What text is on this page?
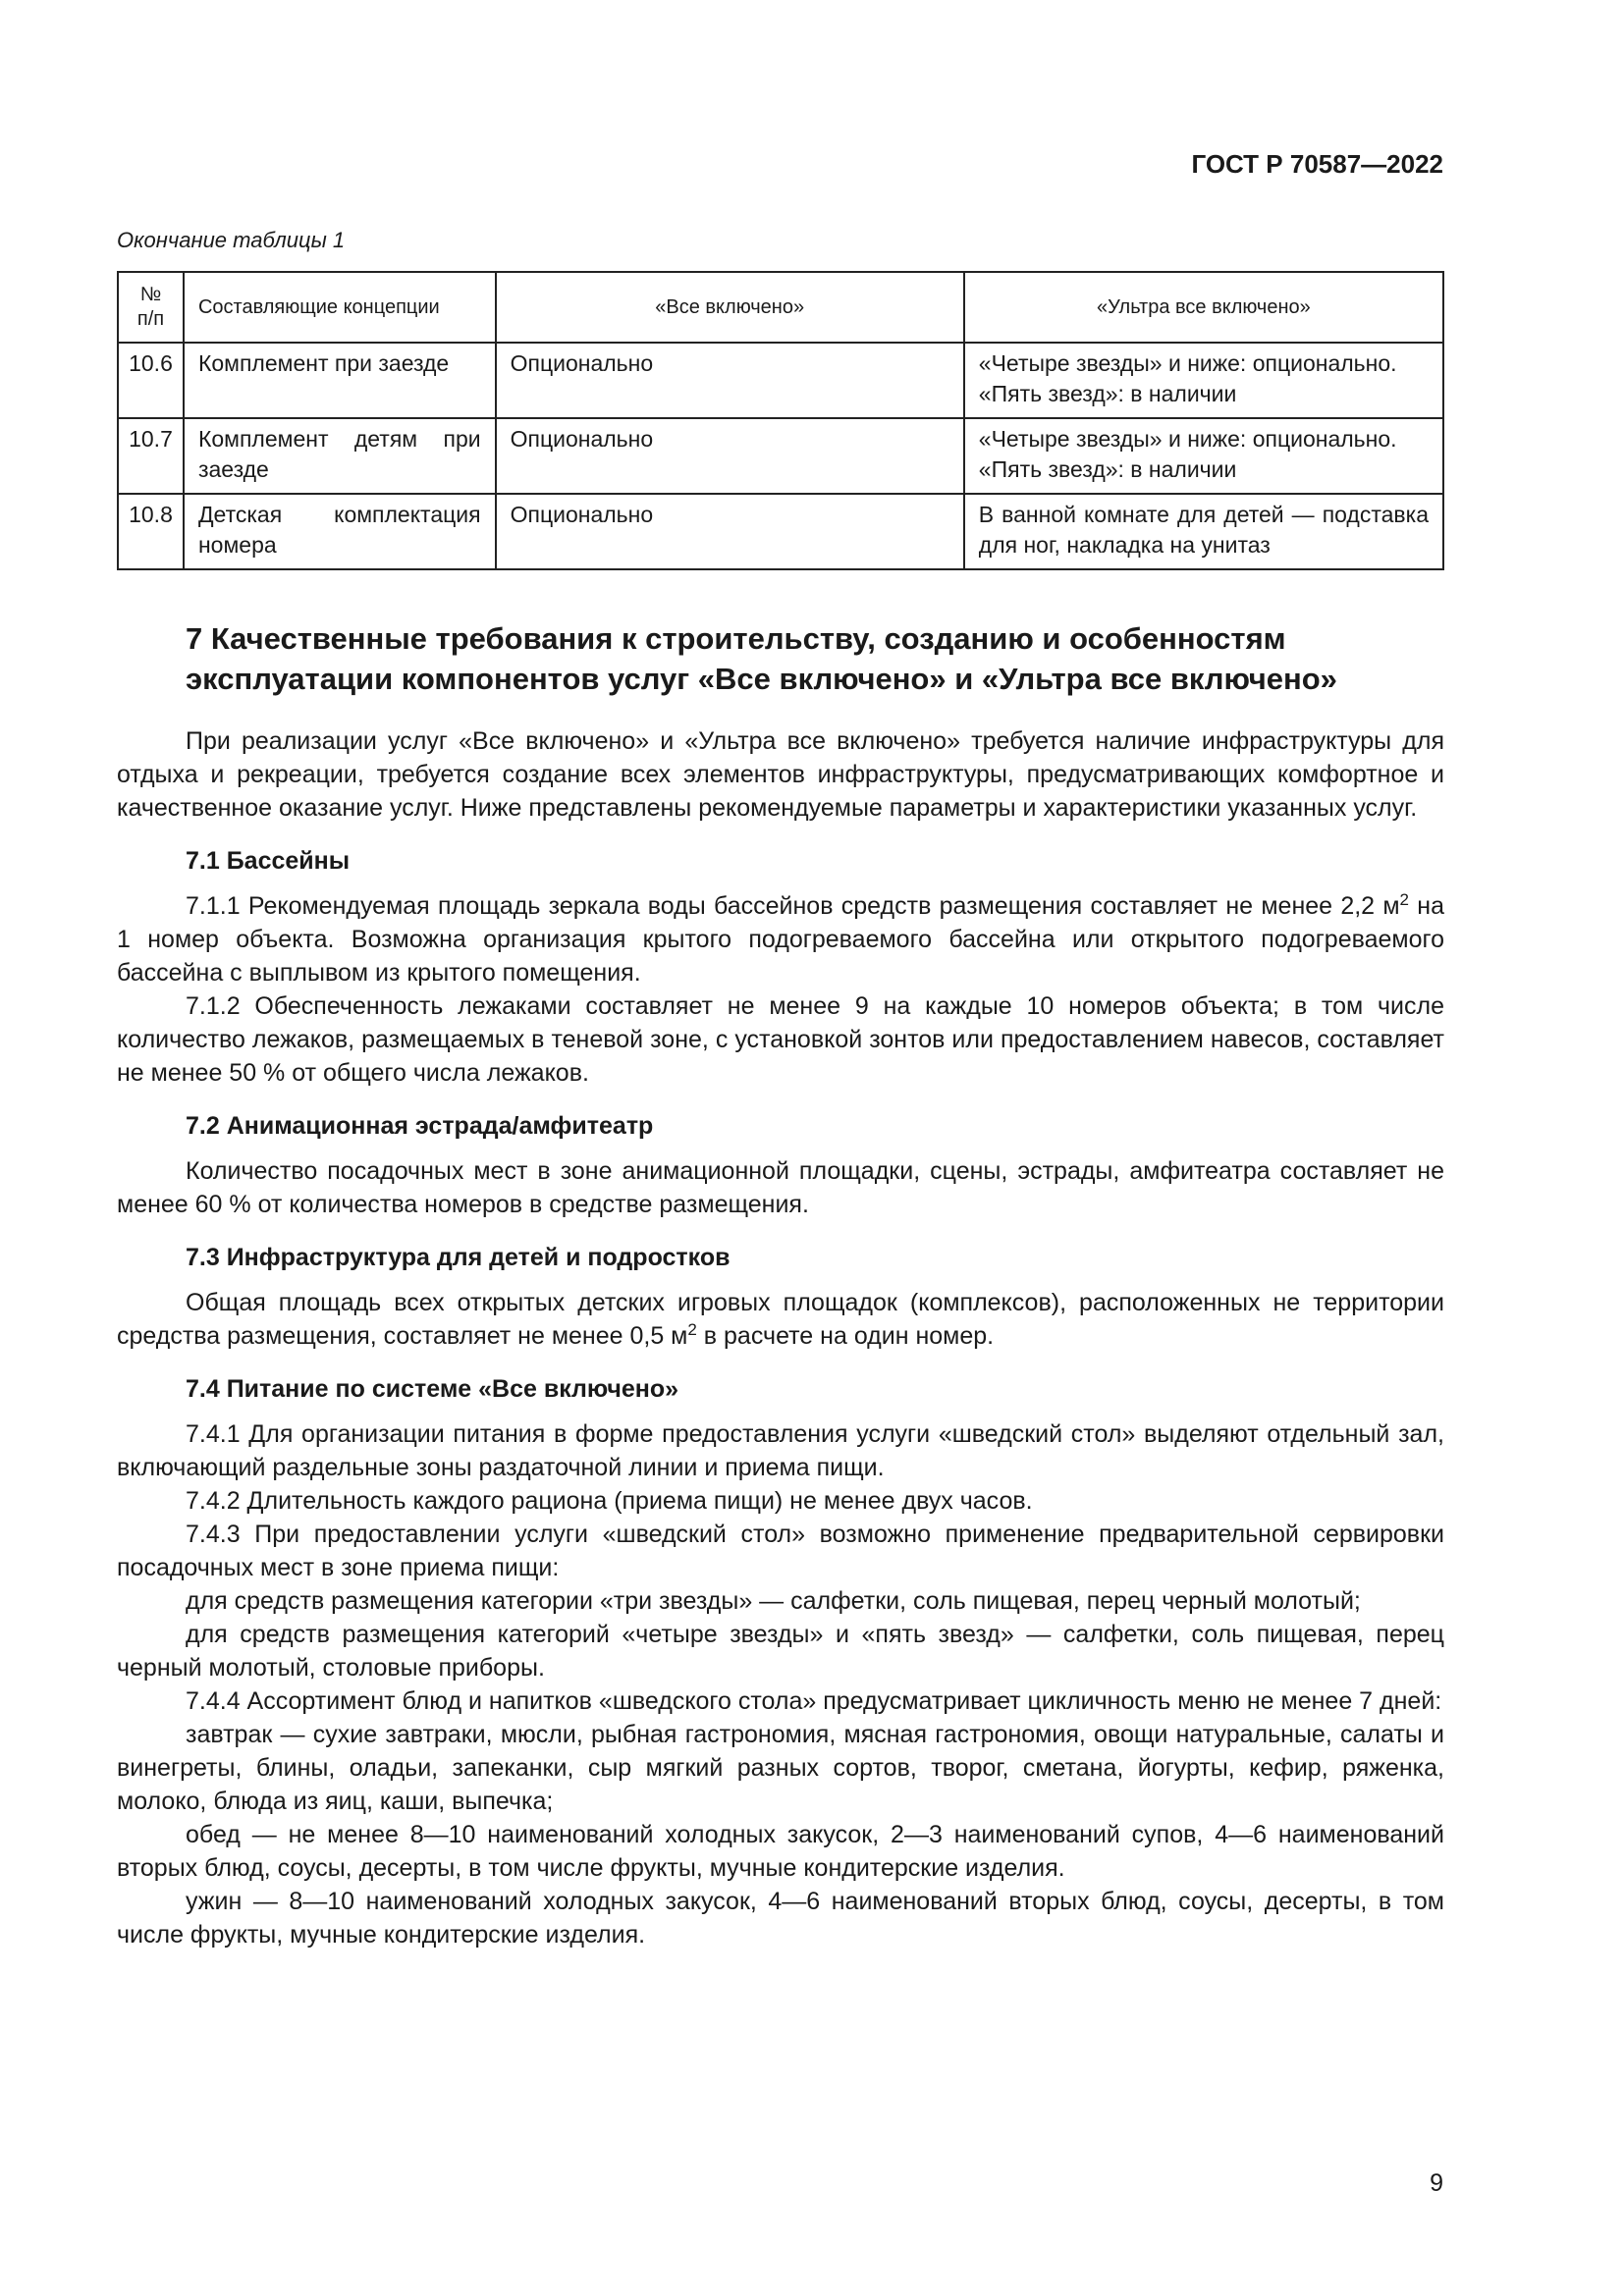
ГОСТ Р 70587—2022
Окончание таблицы 1
№
п/п	Составляющие концепции	«Все включено»	«Ультра все включено»
10.6	Комплемент при заезде	Опционально	«Четыре звезды» и ниже: опционально.
«Пять звезд»: в наличии

10.7	Комплемент детям при заезде	Опционально	«Четыре звезды» и ниже: опционально.
«Пять звезд»: в наличии

10.8	Детская комплектация номера	Опционально	В ванной комнате для детей — подставка для ног, накладка на унитаз
7 Качественные требования к строительству, созданию и особенностям эксплуатации компонентов услуг «Все включено» и «Ультра все включено»

При реализации услуг «Все включено» и «Ультра все включено» требуется наличие инфраструктуры для отдыха и рекреации, требуется создание всех элементов инфраструктуры, предусматривающих комфортное и качественное оказание услуг. Ниже представлены рекомендуемые параметры и характеристики указанных услуг.

7.1 Бассейны

7.1.1 Рекомендуемая площадь зеркала воды бассейнов средств размещения составляет не менее 2,2 $м^2$ на 1 номер объекта. Возможна организация крытого подогреваемого бассейна или открытого подогреваемого бассейна с выплывом из крытого помещения.

7.1.2 Обеспеченность лежаками составляет не менее 9 на каждые 10 номеров объекта; в том числе количество лежаков, размещаемых в теневой зоне, с установкой зонтов или предоставлением навесов, составляет не менее 50 % от общего числа лежаков.

7.2 Анимационная эстрада/амфитеатр

Количество посадочных мест в зоне анимационной площадки, сцены, эстрады, амфитеатра составляет не менее 60 % от количества номеров в средстве размещения.

7.3 Инфраструктура для детей и подростков

Общая площадь всех открытых детских игровых площадок (комплексов), расположенных не территории средства размещения, составляет не менее 0,5 $м^2$ в расчете на один номер.

7.4 Питание по системе «Все включено»

7.4.1 Для организации питания в форме предоставления услуги «шведский стол» выделяют отдельный зал, включающий раздельные зоны раздаточной линии и приема пищи.

7.4.2 Длительность каждого рациона (приема пищи) не менее двух часов.

7.4.3 При предоставлении услуги «шведский стол» возможно применение предварительной сервировки посадочных мест в зоне приема пищи:

для средств размещения категории «три звезды» — салфетки, соль пищевая, перец черный молотый;

для средств размещения категорий «четыре звезды» и «пять звезд» — салфетки, соль пищевая, перец черный молотый, столовые приборы.

7.4.4 Ассортимент блюд и напитков «шведского стола» предусматривает цикличность меню не менее 7 дней:

завтрак — сухие завтраки, мюсли, рыбная гастрономия, мясная гастрономия, овощи натуральные, салаты и винегреты, блины, оладьи, запеканки, сыр мягкий разных сортов, творог, сметана, йогурты, кефир, ряженка, молоко, блюда из яиц, каши, выпечка;

обед — не менее 8—10 наименований холодных закусок, 2—3 наименований супов, 4—6 наименований вторых блюд, соусы, десерты, в том числе фрукты, мучные кондитерские изделия.

ужин — 8—10 наименований холодных закусок, 4—6 наименований вторых блюд, соусы, десерты, в том числе фрукты, мучные кондитерские изделия.

9
